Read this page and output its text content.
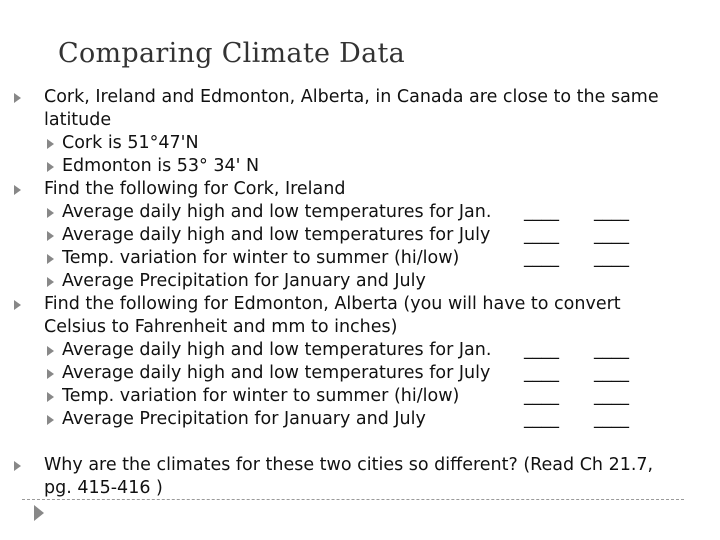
Comparing Climate Data
Cork, Ireland and Edmonton, Alberta, in Canada are close to the same latitude
Cork is 51°47'N
Edmonton is 53° 34' N
Find the following for Cork, Ireland
Average daily high and low temperatures for Jan.	____	____
Average daily high and low temperatures for July	____	____
Temp. variation for winter to summer (hi/low)	____	____
Average Precipitation for January and July
Find the following for Edmonton, Alberta (you will have to convert Celsius to Fahrenheit and mm to inches)
Average daily high and low temperatures for Jan.	____	____
Average daily high and low temperatures for July	____	____
Temp. variation for winter to summer (hi/low)	____	____
Average Precipitation for January and July	____	____
Why are the climates for these two cities so different? (Read Ch 21.7, pg. 415-416 )
